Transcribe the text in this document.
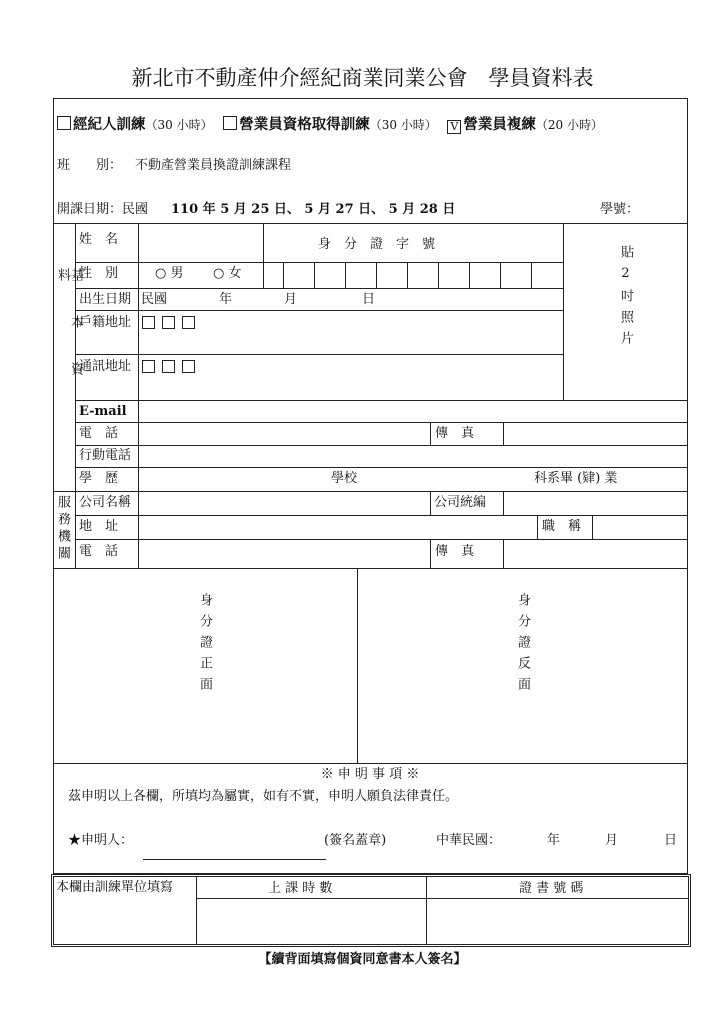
新北市不動產仲介經紀商業同業公會　學員資料表
經紀人訓練（30 小時） 營業員資格取得訓練（30 小時） V 營業員複練（20 小時）
班　　別： 不動產營業員換證訓練課程
開課日期：民國 110 年 5 月 25 日、 5 月 27 日、 5 月 28 日	學號：
基本資料
姓　名	身　分　證　字　號
貼2吋照片
性　別	○ 男 ○ 女
出生日期 民國　　　　年　　　　月　　　　　日
戶籍地址
通訊地址
E-mail
電　話	傳　真
行動電話
學　歷	學校	科系畢 (肄) 業
服務機關 公司名稱	公司統編
地　址	職　稱
電　話	傳　真
身分證正面	身分證反面
※ 申 明 事 項 ※
茲申明以上各欄，所填均為屬實，如有不實，申明人願負法律責任。
★申明人：	(簽名蓋章)	中華民國：	年	月	日
本欄由訓練單位填寫	上 課 時 數	證 書 號 碼
【續背面填寫個資同意書本人簽名】
